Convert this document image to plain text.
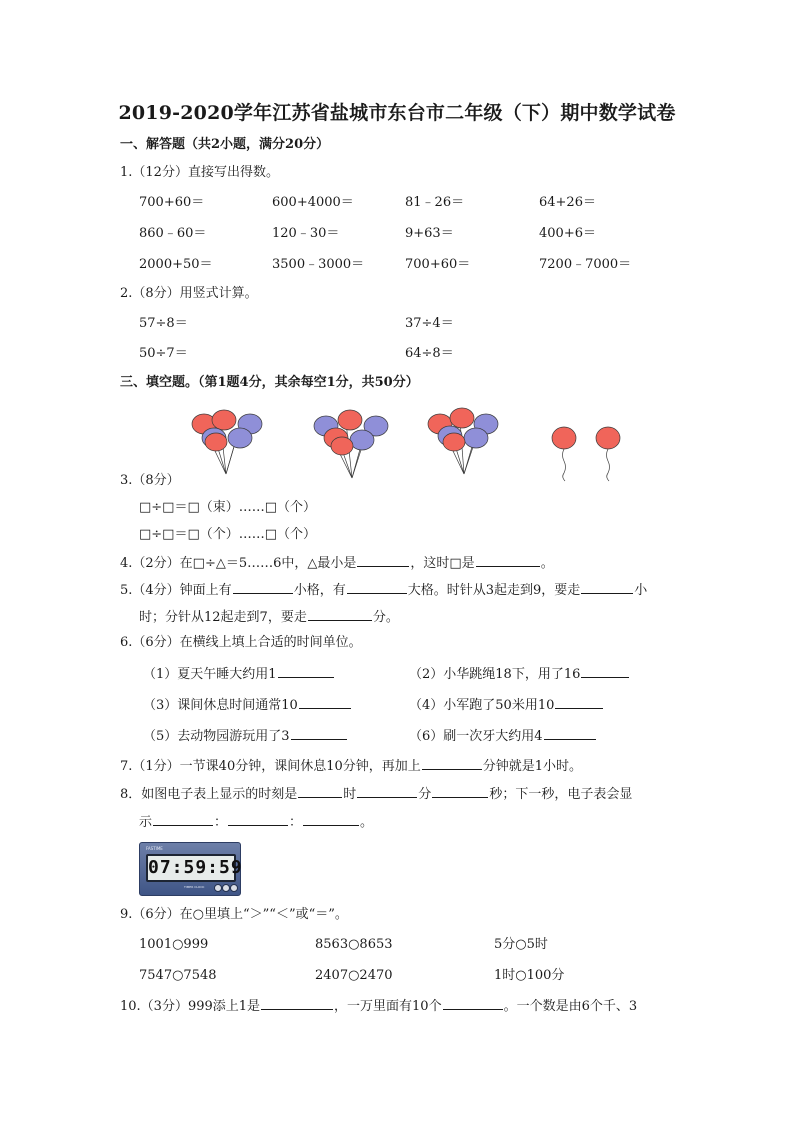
2019-2020学年江苏省盐城市东台市二年级（下）期中数学试卷
一、解答题（共2小题，满分20分）
1.（12分）直接写出得数。
700+60＝	600+4000＝	81﹣26＝	64+26＝
860﹣60＝	120﹣30＝	9+63＝	400+6＝
2000+50＝	3500﹣3000＝	700+60＝	7200﹣7000＝
2.（8分）用竖式计算。
57÷8＝	37÷4＝
50÷7＝	64÷8＝
三、填空题。（第1题4分，其余每空1分，共50分）
3.（8分）
□÷□＝□（束）……□（个）
□÷□＝□（个）……□（个）
4.（2分）在□÷△＝5……6中，△最小是	，这时□是	。
5.（4分）钟面上有	小格，有	大格。时针从3起走到9，要走	小
时；分针从12起走到7，要走	分。
6.（6分）在横线上填上合适的时间单位。
（1）夏天午睡大约用1	（2）小华跳绳18下，用了16
（3）课间休息时间通常10	（4）小军跑了50米用10
（5）去动物园游玩用了3	（6）刷一次牙大约用4
7.（1分）一节课40分钟，课间休息10分钟，再加上	分钟就是1小时。
8．如图电子表上显示的时刻是	时	分	秒；下一秒，电子表会显
示	：	：	。
FASTIME
07:59:59
TIMER CLOCK
9.（6分）在○里填上“＞”“＜”或“＝”。
1001○999	8563○8653	5分○5时
7547○7548	2407○2470	1时○100分
10.（3分）999添上1是	，一万里面有10个	。一个数是由6个千、3
